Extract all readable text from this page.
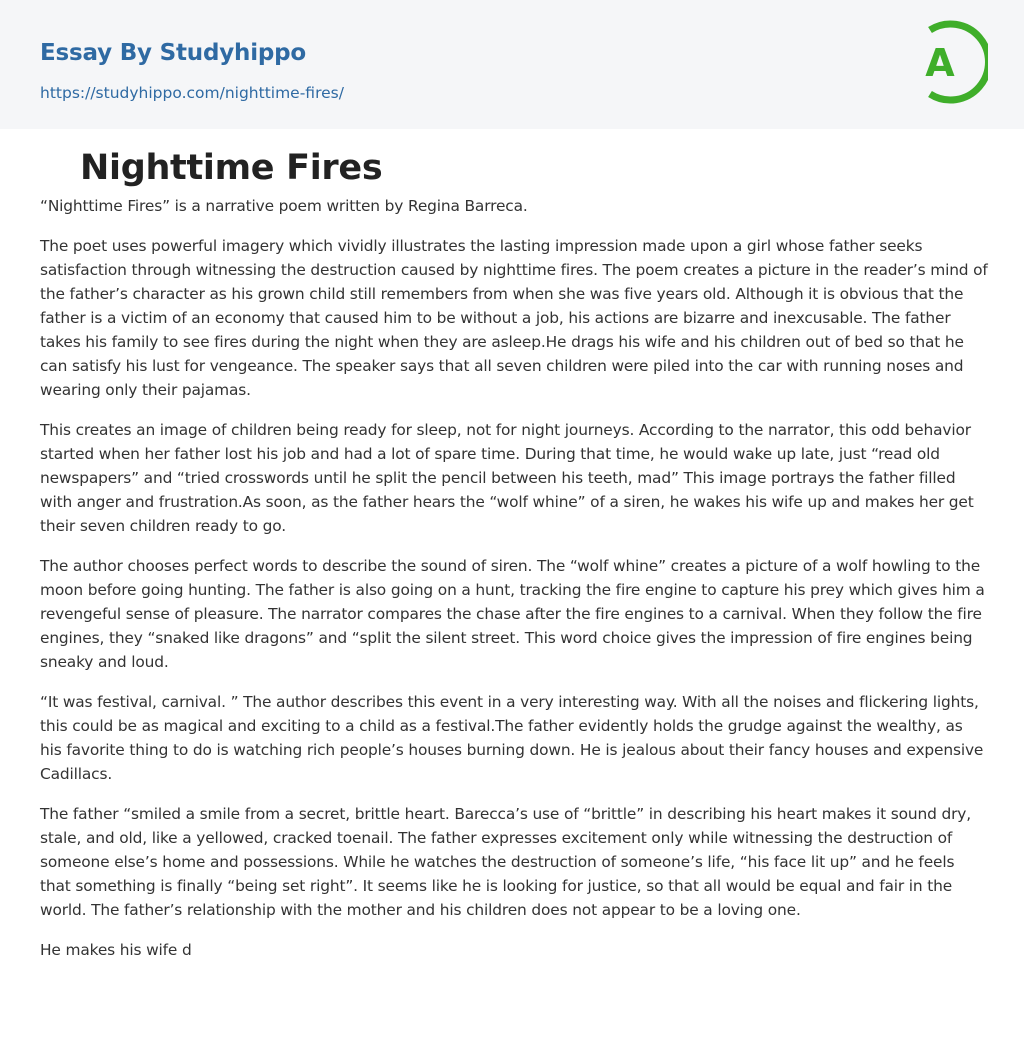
Essay By Studyhippo
https://studyhippo.com/nighttime-fires/
A
Nighttime Fires

“Nighttime Fires” is a narrative poem written by Regina Barreca.

The poet uses powerful imagery which vividly illustrates the lasting impression made upon a girl whose father seeks satisfaction through witnessing the destruction caused by nighttime fires. The poem creates a picture in the reader’s mind of the father’s character as his grown child still remembers from when she was five years old. Although it is obvious that the father is a victim of an economy that caused him to be without a job, his actions are bizarre and inexcusable. The father takes his family to see fires during the night when they are asleep.He drags his wife and his children out of bed so that he can satisfy his lust for vengeance. The speaker says that all seven children were piled into the car with running noses and wearing only their pajamas.

This creates an image of children being ready for sleep, not for night journeys. According to the narrator, this odd behavior started when her father lost his job and had a lot of spare time. During that time, he would wake up late, just “read old newspapers” and “tried crosswords until he split the pencil between his teeth, mad” This image portrays the father filled with anger and frustration.As soon, as the father hears the “wolf whine” of a siren, he wakes his wife up and makes her get their seven children ready to go.

The author chooses perfect words to describe the sound of siren. The “wolf whine” creates a picture of a wolf howling to the moon before going hunting. The father is also going on a hunt, tracking the fire engine to capture his prey which gives him a revengeful sense of pleasure. The narrator compares the chase after the fire engines to a carnival. When they follow the fire engines, they “snaked like dragons” and “split the silent street. This word choice gives the impression of fire engines being sneaky and loud.

“It was festival, carnival. ” The author describes this event in a very interesting way. With all the noises and flickering lights, this could be as magical and exciting to a child as a festival.The father evidently holds the grudge against the wealthy, as his favorite thing to do is watching rich people’s houses burning down. He is jealous about their fancy houses and expensive Cadillacs.

The father “smiled a smile from a secret, brittle heart. Barecca’s use of “brittle” in describing his heart makes it sound dry, stale, and old, like a yellowed, cracked toenail. The father expresses excitement only while witnessing the destruction of someone else’s home and possessions. While he watches the destruction of someone’s life, “his face lit up” and he feels that something is finally “being set right”. It seems like he is looking for justice, so that all would be equal and fair in the world. The father’s relationship with the mother and his children does not appear to be a loving one.

He makes his wife d
